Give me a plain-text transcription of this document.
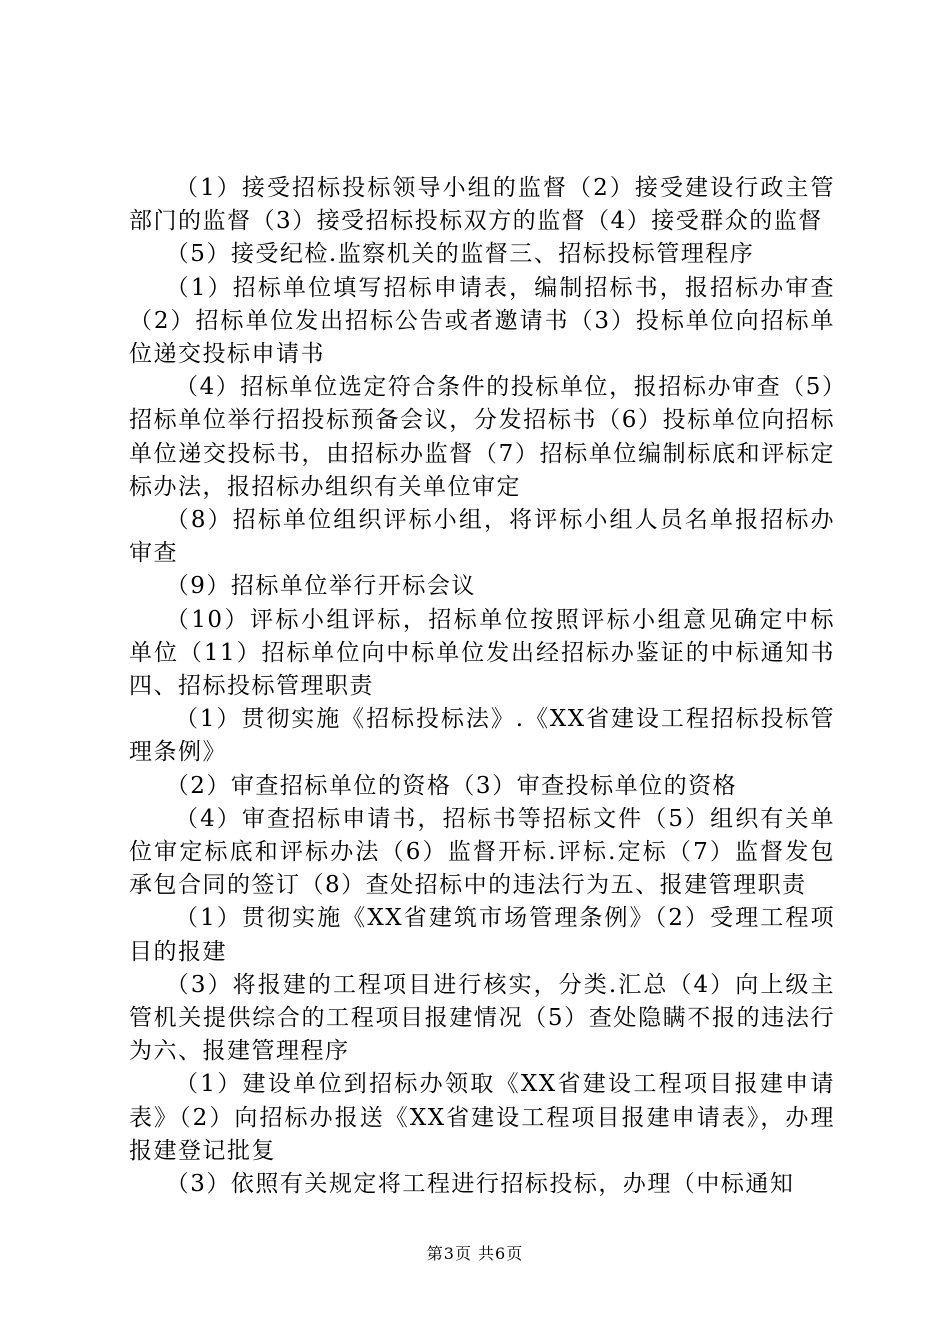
（1）接受招标投标领导小组的监督（2）接受建设行政主管部门的监督（3）接受招标投标双方的监督（4）接受群众的监督

（5）接受纪检.监察机关的监督三、招标投标管理程序

（1）招标单位填写招标申请表，编制招标书，报招标办审查（2）招标单位发出招标公告或者邀请书（3）投标单位向招标单位递交投标申请书

（4）招标单位选定符合条件的投标单位，报招标办审查（5）招标单位举行招投标预备会议，分发招标书（6）投标单位向招标单位递交投标书，由招标办监督（7）招标单位编制标底和评标定标办法，报招标办组织有关单位审定

（8）招标单位组织评标小组，将评标小组人员名单报招标办审查

（9）招标单位举行开标会议

（10）评标小组评标，招标单位按照评标小组意见确定中标单位（11）招标单位向中标单位发出经招标办鉴证的中标通知书四、招标投标管理职责

（1）贯彻实施《招标投标法》.《XX省建设工程招标投标管理条例》

（2）审查招标单位的资格（3）审查投标单位的资格

（4）审查招标申请书，招标书等招标文件（5）组织有关单位审定标底和评标办法（6）监督开标.评标.定标（7）监督发包承包合同的签订（8）查处招标中的违法行为五、报建管理职责

（1）贯彻实施《XX省建筑市场管理条例》（2）受理工程项目的报建

（3）将报建的工程项目进行核实，分类.汇总（4）向上级主管机关提供综合的工程项目报建情况（5）查处隐瞒不报的违法行为六、报建管理程序

（1）建设单位到招标办领取《XX省建设工程项目报建申请表》（2）向招标办报送《XX省建设工程项目报建申请表》，办理报建登记批复

（3）依照有关规定将工程进行招标投标，办理（中标通知

第3页 共6页
